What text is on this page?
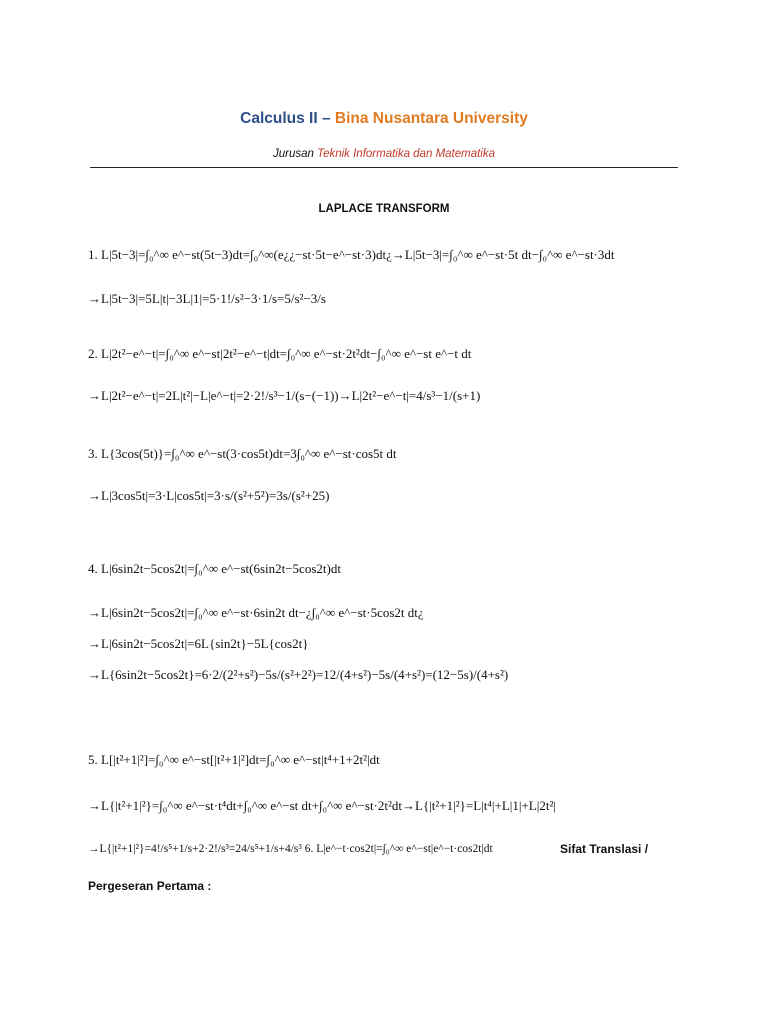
Calculus II – Bina Nusantara University
Jurusan Teknik Informatika dan Matematika
LAPLACE TRANSFORM
1. L|5t−3|=∫₀^∞ e^−st(5t−3)dt=∫₀^∞(e¿¿−st·5t−e^−st·3)dt¿→L|5t−3|=∫₀^∞ e^−st·5t dt−∫₀^∞ e^−st·3dt
→L|5t−3|=5L|t|−3L|1|=5·1!/s²−3·1/s=5/s²−3/s
2. L|2t²−e^−t|=∫₀^∞ e^−st|2t²−e^−t|dt=∫₀^∞ e^−st·2t²dt−∫₀^∞ e^−st e^−t dt
→L|2t²−e^−t|=2L|t²|−L|e^−t|=2·2!/s³−1/(s−(−1))→L|2t²−e^−t|=4/s³−1/(s+1)
3. L{3cos(5t)}=∫₀^∞ e^−st(3·cos5t)dt=3∫₀^∞ e^−st·cos5t dt
→L|3cos5t|=3·L|cos5t|=3·s/(s²+5²)=3s/(s²+25)
4. L|6sin2t−5cos2t|=∫₀^∞ e^−st(6sin2t−5cos2t)dt
→L|6sin2t−5cos2t|=∫₀^∞ e^−st·6sin2t dt−¿∫₀^∞ e^−st·5cos2t dt¿
→L|6sin2t−5cos2t|=6L{sin2t}−5L{cos2t}
→L{6sin2t−5cos2t}=6·2/(2²+s²)−5s/(s²+2²)=12/(4+s²)−5s/(4+s²)=(12−5s)/(4+s²)
5. L[|t²+1|²]=∫₀^∞ e^−st[|t²+1|²]dt=∫₀^∞ e^−st|t⁴+1+2t²|dt
→L{|t²+1|²}=∫₀^∞ e^−st·t⁴dt+∫₀^∞ e^−st dt+∫₀^∞ e^−st·2t²dt→L{|t²+1|²}=L|t⁴|+L|1|+L|2t²|
→L{|t²+1|²}=4!/s⁵+1/s+2·2!/s³=24/s⁵+1/s+4/s³ 6. L|e^−t·cos2t|=∫₀^∞ e^−st|e^−t·cos2t|dt	Sifat Translasi /
Pergeseran Pertama :
